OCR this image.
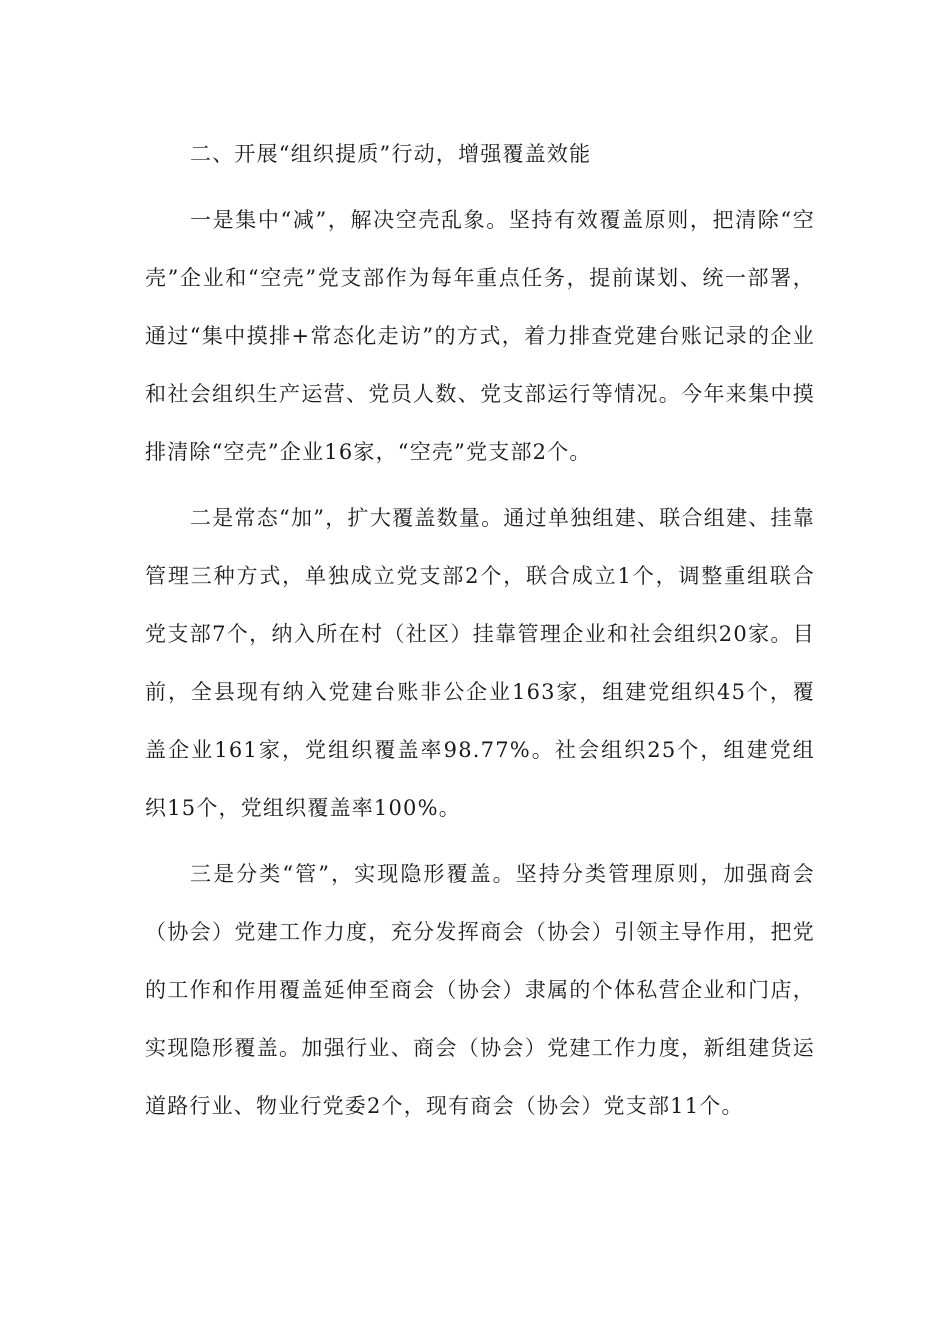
二、开展“组织提质”行动，增强覆盖效能

一是集中“减”，解决空壳乱象。坚持有效覆盖原则，把清除“空壳”企业和“空壳”党支部作为每年重点任务，提前谋划、统一部署，通过“集中摸排+常态化走访”的方式，着力排查党建台账记录的企业和社会组织生产运营、党员人数、党支部运行等情况。今年来集中摸排清除“空壳”企业16家，“空壳”党支部2个。

二是常态“加”，扩大覆盖数量。通过单独组建、联合组建、挂靠管理三种方式，单独成立党支部2个，联合成立1个，调整重组联合党支部7个，纳入所在村（社区）挂靠管理企业和社会组织20家。目前，全县现有纳入党建台账非公企业163家，组建党组织45个，覆盖企业161家，党组织覆盖率98.77%。社会组织25个，组建党组织15个，党组织覆盖率100%。

三是分类“管”，实现隐形覆盖。坚持分类管理原则，加强商会（协会）党建工作力度，充分发挥商会（协会）引领主导作用，把党的工作和作用覆盖延伸至商会（协会）隶属的个体私营企业和门店，实现隐形覆盖。加强行业、商会（协会）党建工作力度，新组建货运道路行业、物业行党委2个，现有商会（协会）党支部11个。
